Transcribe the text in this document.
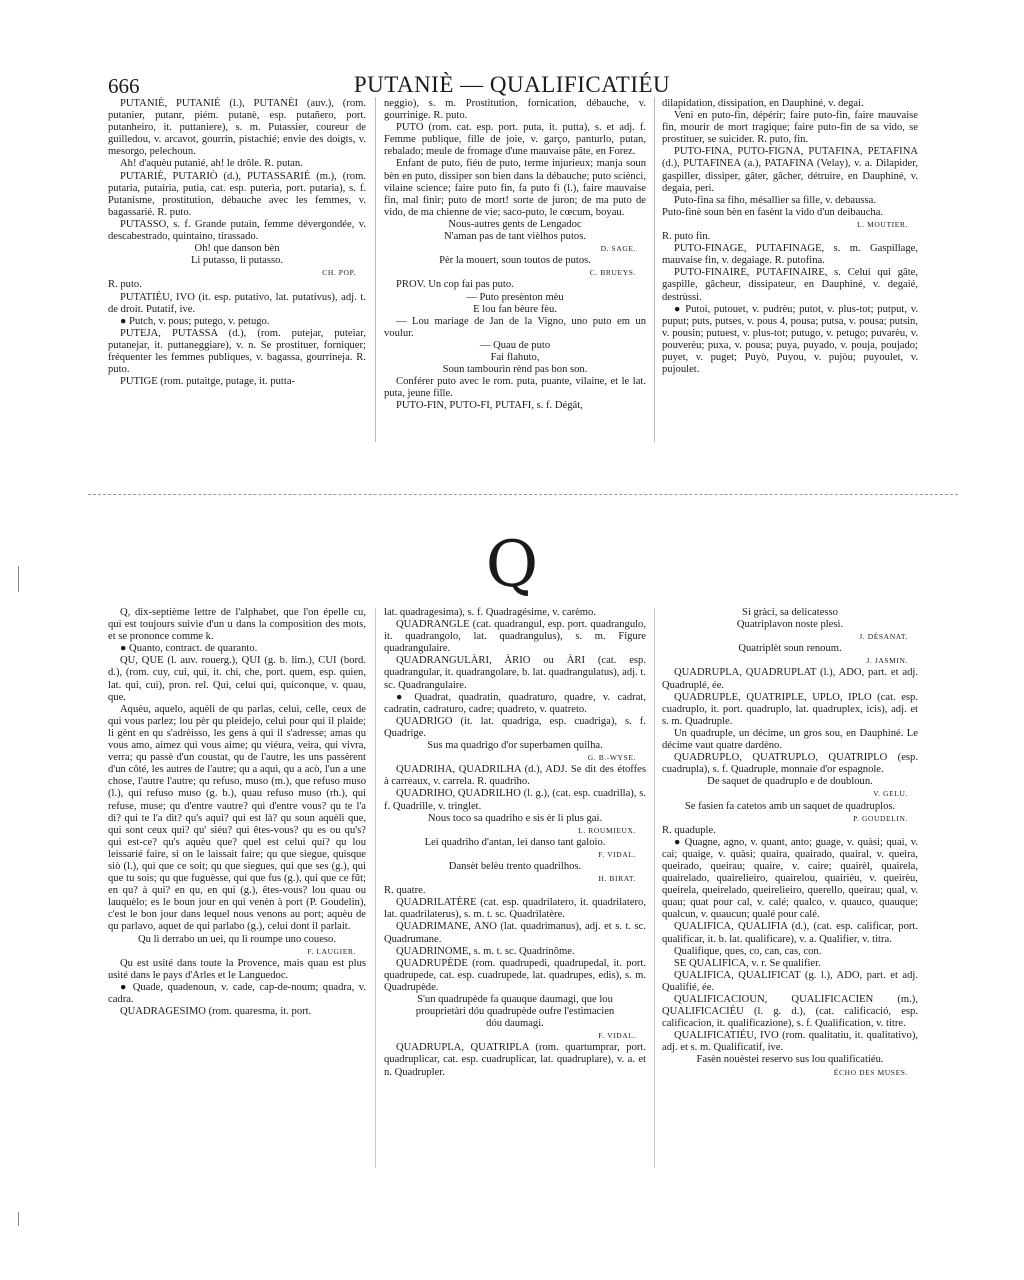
666	PUTANIÈ — QUALIFICATIÉU

PUTANIÈ, PUTANIÉ (l.), PUTANÈI (auv.), (rom. putanier, putanr, piém. putanè, esp. putañero, port. putanheiro, it. puttaniere), s. m. Putassier, coureur de guilledou, v. arcavot, gourrin, pistachié; envie des doigts, v. mesorgo, pelechoun.

Ah! d'aquèu putanié, ah! le drôle. R. putan.

PUTARIÈ, PUTARIÒ (d.), PUTASSARIÉ (m.), (rom. putaria, putairia, putia, cat. esp. puteria, port. putaria), s. f. Putanisme, prostitution, débauche avec les femmes, v. bagassarié. R. puto.

PUTASSO, s. f. Grande putain, femme dévergondée, v. descabestrado, quintaino, tirassado.

Oh! que danson bèn

Li putasso, li putasso.

CH. POP.

R. puto.

PUTATIÉU, IVO (it. esp. putativo, lat. putativus), adj. t. de droit. Putatif, ive.

● Putch, v. pous; putego, v. petugo.

PUTEJA, PUTASSA (d.), (rom. putejar, puteiar, putanejar, it. puttaneggiare), v. n. Se prostituer, forniquer; fréquenter les femmes publiques, v. bagassa, gourrineja. R. puto.

PUTIGE (rom. putaitge, putage, it. putta-

neggio), s. m. Prostitution, fornication, débauche, v. gourrinige. R. puto.

PUTO (rom. cat. esp. port. puta, it. putta), s. et adj. f. Femme publique, fille de joie, v. garço, panturlo, putan, rebalado; meule de fromage d'une mauvaise pâte, en Forez.

Enfant de puto, fiéu de puto, terme injurieux; manja soun bèn en puto, dissiper son bien dans la débauche; puto sciènci, vilaine science; faire puto fin, fa puto fi (l.), faire mauvaise fin, mal finir; puto de mort! sorte de juron; de ma puto de vido, de ma chienne de vie; saco-puto, le cœcum, boyau.

Nous-autres gents de Lengadoc

N'aman pas de tant vièlhos putos.

D. SAGE.

Pèr la mouert, soun toutos de putos.

C. BRUEYS.

PROV. Un cop fai pas puto.

— Puto presènton mèu

E lou fan bèure fèu.

— Lou mariage de Jan de la Vigno, uno puto em un voulur.

— Quau de puto

Fai flahuto,

Soun tambourin rènd pas bon son.

Conférer puto avec le rom. puta, puante, vilaine, et le lat. puta, jeune fille.

PUTO-FIN, PUTO-FI, PUTAFI, s. f. Dégât,

dilapidation, dissipation, en Dauphiné, v. degai.

Veni en puto-fin, dépérir; faire puto-fin, faire mauvaise fin, mourir de mort tragique; faire puto-fin de sa vido, se prostituer, se suicider. R. puto, fin.

PUTO-FINA, PUTO-FIGNA, PUTAFINA, PETAFINA (d.), PUTAFINEA (a.), PATAFINA (Velay), v. a. Dilapider, gaspiller, dissiper, gâter, gâcher, détruire, en Dauphiné, v. degaia, peri.

Puto-fina sa fiho, mésallier sa fille, v. debaussa.

Puto-finè soun bèn en fasènt la vido d'un deibaucha.

L. MOUTIER.

R. puto fin.

PUTO-FINAGE, PUTAFINAGE, s. m. Gaspillage, mauvaise fin, v. degaiage. R. putofina.

PUTO-FINAIRE, PUTAFINAIRE, s. Celui qui gâte, gaspille, gâcheur, dissipateur, en Dauphiné, v. degaié, destrùssi.

● Putoi, putouet, v. pudrèu; putot, v. plus-tot; putput, v. puput; puts, putses, v. pous 4, pousa; putsa, v. pousa; putsin, v. pousin; putuest, v. plus-tot; putugo, v. petugo; puvarèu, v. pouverèu; puxa, v. pousa; puya, puyado, v. pouja, poujado; puyet, v. puget; Puyò, Puyou, v. pujòu; puyoulet, v. pujoulet.

Q

Q, dix-septième lettre de l'alphabet, que l'on épelle cu, qui est toujours suivie d'un u dans la composition des mots, et se prononce comme k.

● Quanto, contract. de quaranto.

QU, QUE (l. auv. rouerg.), QUI (g. b. lim.), CUI (bord. d.), (rom. cuy, cui, qui, it. chi, che, port. quem, esp. quien, lat. qui, cui), pron. rel. Qui, celui qui, quiconque, v. quau, que.

Aquèu, aquelo, aquèli de qu parlas, celui, celle, ceux de qui vous parlez; lou pèr qu pleidejo, celui pour qui il plaide; li gènt en qu s'adrèisso, les gens à qui il s'adresse; amas qu vous amo, aimez qui vous aime; qu viéura, veira, qui vivra, verra; qu passè d'un coustat, qu de l'autre, les uns passèrent d'un côté, les autres de l'autre; qu a aqui, qu a acò, l'un a une chose, l'autre l'autre; qu refuso, muso (m.), que refuso muso (l.), qui refuso muso (g. b.), quau refuso muso (rh.), qui refuse, muse; qu d'entre vautre? qui d'entre vous? qu te l'a di? qui te l'a dit? qu's aqui? qui est là? qu soun aquèli que, qui sont ceux qui? qu' siéu? qui êtes-vous? qu es ou qu's? qui est-ce? qu's aquèu que? quel est celui qui? qu lou leissarié faire, si on le laissait faire; qu que siegue, quisque siò (l.), qui que ce soit; qu que siegues, qui que ses (g.), qui que tu sois; qu que fuguèsse, qui que fus (g.), qui que ce fût; en qu? à qui? en qu, en qui (g.), êtes-vous? lou quau ou lauquèlo; es le boun jour en qui venèn à port (P. Goudelin), c'est le bon jour dans lequel nous venons au port; aquèu de qu parlavo, aquet de qui parlabo (g.), celui dont il parlait.

Qu li derrabo un uei, qu li roumpe uno coueso.

F. LAUGIER.

Qu est usité dans toute la Provence, mais quau est plus usité dans le pays d'Arles et le Languedoc.

● Quade, quadenoun, v. cade, cap-de-noum; quadra, v. cadra.

QUADRAGESIMO (rom. quaresma, it. port.

lat. quadragesima), s. f. Quadragésime, v. carèmo.

QUADRANGLE (cat. quadrangul, esp. port. quadrangulo, it. quadrangolo, lat. quadrangulus), s. m. Figure quadrangulaire.

QUADRANGULÀRI, ÀRIO ou ÀRI (cat. esp. quadrangular, it. quadrangolare, b. lat. quadrangulatus), adj. t. sc. Quadrangulaire.

● Quadrat, quadratin, quadraturo, quadre, v. cadrat, cadratin, cadraturo, cadre; quadreto, v. quatreto.

QUADRIGO (it. lat. quadriga, esp. cuadriga), s. f. Quadrige.

Sus ma quadrigo d'or superbamen quilha.

G. B.-WYSE.

QUADRIHA, QUADRILHA (d.), ADJ. Se dit des étoffes à carreaux, v. carrela. R. quadriho.

QUADRIHO, QUADRILHO (l. g.), (cat. esp. cuadrilla), s. f. Quadrille, v. tringlet.

Nous toco sa quadriho e sis èr li plus gai.

L. ROUMIEUX.

Lei quadriho d'antan, lei danso tant galoio.

F. VIDAL.

Dansèt belèu trento quadrilhos.

H. BIRAT.

R. quatre.

QUADRILATÈRE (cat. esp. quadrilatero, it. quadrilatero, lat. quadrilaterus), s. m. t. sc. Quadrilatère.

QUADRIMANE, ANO (lat. quadrimanus), adj. et s. t. sc. Quadrumane.

QUADRINOME, s. m. t. sc. Quadrinôme.

QUADRUPÈDE (rom. quadrupedi, quadrupedal, it. port. quadrupede, cat. esp. cuadrupede, lat. quadrupes, edis), s. m. Quadrupède.

S'un quadrupède fa quauque daumagi, que lou

prouprietàri dóu quadrupède oufre l'estimacien

dóu daumagi.

F. VIDAL.

QUADRUPLA, QUATRIPLA (rom. quartumprar, port. quadruplicar, cat. esp. cuadruplicar, lat. quadruplare), v. a. et n. Quadrupler.

Si gràci, sa delicatesso

Quatriplavon noste plesi.

J. DÉSANAT.

Quatriplèt soun renoum.

J. JASMIN.

QUADRUPLA, QUADRUPLAT (l.), ADO, part. et adj. Quadruplé, ée.

QUADRUPLE, QUATRIPLE, UPLO, IPLO (cat. esp. cuadruplo, it. port. quadruplo, lat. quadruplex, icis), adj. et s. m. Quadruple.

Un quadruple, un décime, un gros sou, en Dauphiné. Le décime vaut quatre dardèno.

QUADRUPLO, QUATRUPLO, QUATRIPLO (esp. cuadrupla), s. f. Quadruple, monnaie d'or espagnole.

De saquet de quadruplo e de doubloun.

V. GELU.

Se fasien fa catetos amb un saquet de quadruplos.

P. GOUDELIN.

R. quaduple.

● Quagne, agno, v. quant, anto; guage, v. quàsi; quai, v. cai; quaige, v. quàsi; quaira, quairado, quairal, v. queira, queirado, queirau; quaire, v. caire; quairèl, quairela, quairelado, quairelieiro, quairelou, quairièu, v. queirèu, queirela, queirelado, queirelieiro, querello, queirau; qual, v. quau; quat pour cal, v. calé; qualco, v. quauco, quauque; qualcun, v. quaucun; qualé pour calé.

QUALIFICA, QUALIFIA (d.), (cat. esp. calificar, port. qualificar, it. b. lat. qualificare), v. a. Qualifier, v. titra.

Qualifique, ques, co, can, cas, con.

SE QUALIFICA, v. r. Se qualifier.

QUALIFICA, QUALIFICAT (g. l.), ADO, part. et adj. Qualifié, ée.

QUALIFICACIOUN, QUALIFICACIEN (m.), QUALIFICACIÉU (l. g. d.), (cat. calificació, esp. calificacion, it. qualificazione), s. f. Qualification, v. titre.

QUALIFICATIÉU, IVO (rom. qualitatiu, it. qualitativo), adj. et s. m. Qualificatif, ive.

Fasèn nouèstei reservo sus lou qualificatiéu.

ÉCHO DES MUSES.
